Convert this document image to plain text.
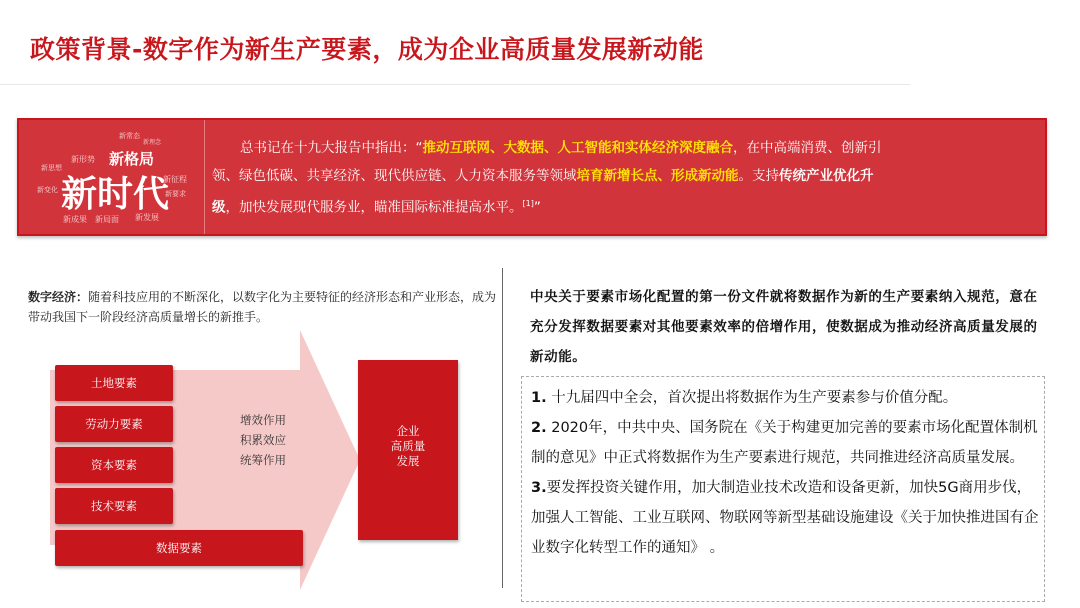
政策背景-数字作为新生产要素，成为企业高质量发展新动能
新常态
新理念
新格局
新形势
新思想
新时代
新征程
新要求
新变化
新成果 新局面 新发展
总书记在十九大报告中指出：“推动互联网、大数据、人工智能和实体经济深度融合，在中高端消费、创新引领、绿色低碳、共享经济、现代供应链、人力资本服务等领域培育新增长点、形成新动能。支持传统产业优化升级，加快发展现代服务业，瞄准国际标准提高水平。[1]”
数字经济：随着科技应用的不断深化，以数字化为主要特征的经济形态和产业形态，成为带动我国下一阶段经济高质量增长的新推手。
土地要素
劳动力要素
资本要素
技术要素
数据要素
增效作用
积累效应
统筹作用
企业
高质量
发展
中央关于要素市场化配置的第一份文件就将数据作为新的生产要素纳入规范，意在充分发挥数据要素对其他要素效率的倍增作用，使数据成为推动经济高质量发展的新动能。
1. 十九届四中全会，首次提出将数据作为生产要素参与价值分配。
2. 2020年，中共中央、国务院在《关于构建更加完善的要素市场化配置体制机制的意见》中正式将数据作为生产要素进行规范，共同推进经济高质量发展。
3.要发挥投资关键作用，加大制造业技术改造和设备更新，加快5G商用步伐，加强人工智能、工业互联网、物联网等新型基础设施建设《关于加快推进国有企业数字化转型工作的通知》 。
